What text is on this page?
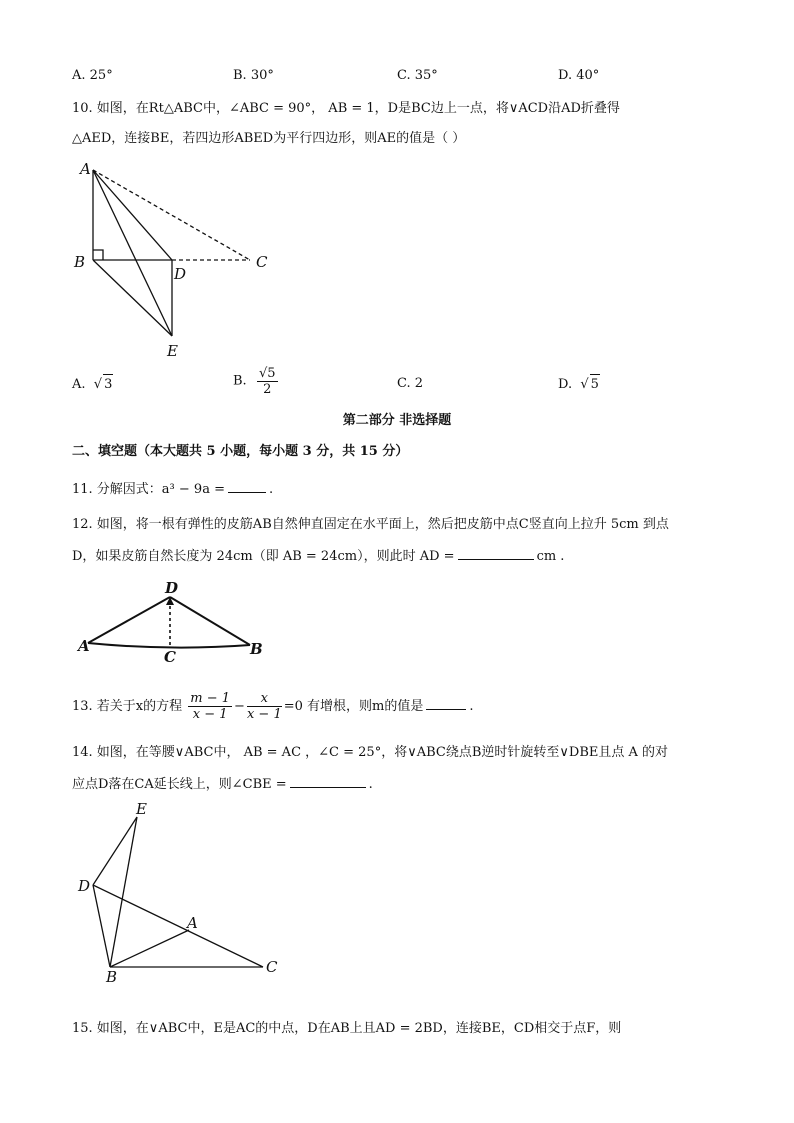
A. 25°	B. 30°	C. 35°	D. 40°
10. 如图，在Rt△ABC中，∠ABC = 90°， AB = 1，D是BC边上一点，将∨ACD沿AD折叠得
△AED，连接BE，若四边形ABED为平行四边形，则AE的值是（ ）
A
B	C
D
E
A.  √ 3	B. $\frac{√5}{2}$	C. 2	D.  √ 5
第二部分 非选择题
二、填空题（本大题共 5 小题，每小题 3 分，共 15 分）
11. 分解因式：a³ − 9a =	.
12. 如图，将一根有弹性的皮筋AB自然伸直固定在水平面上，然后把皮筋中点C竖直向上拉升 5cm 到点
D，如果皮筋自然长度为 24cm（即 AB = 24cm），则此时 AD =	cm .
D
A	B
C
13. 若关于x的方程 $\frac{m - 1}{x - 1} - \frac{x}{x - 1} =0$ 有增根，则m的值是	.
14. 如图，在等腰∨ABC中， AB = AC ，∠C = 25°，将∨ABC绕点B逆时针旋转至∨DBE且点 A 的对
应点D落在CA延长线上，则∠CBE =	.
E
D
A
B
C
15. 如图，在∨ABC中，E是AC的中点，D在AB上且AD = 2BD，连接BE，CD相交于点F，则
